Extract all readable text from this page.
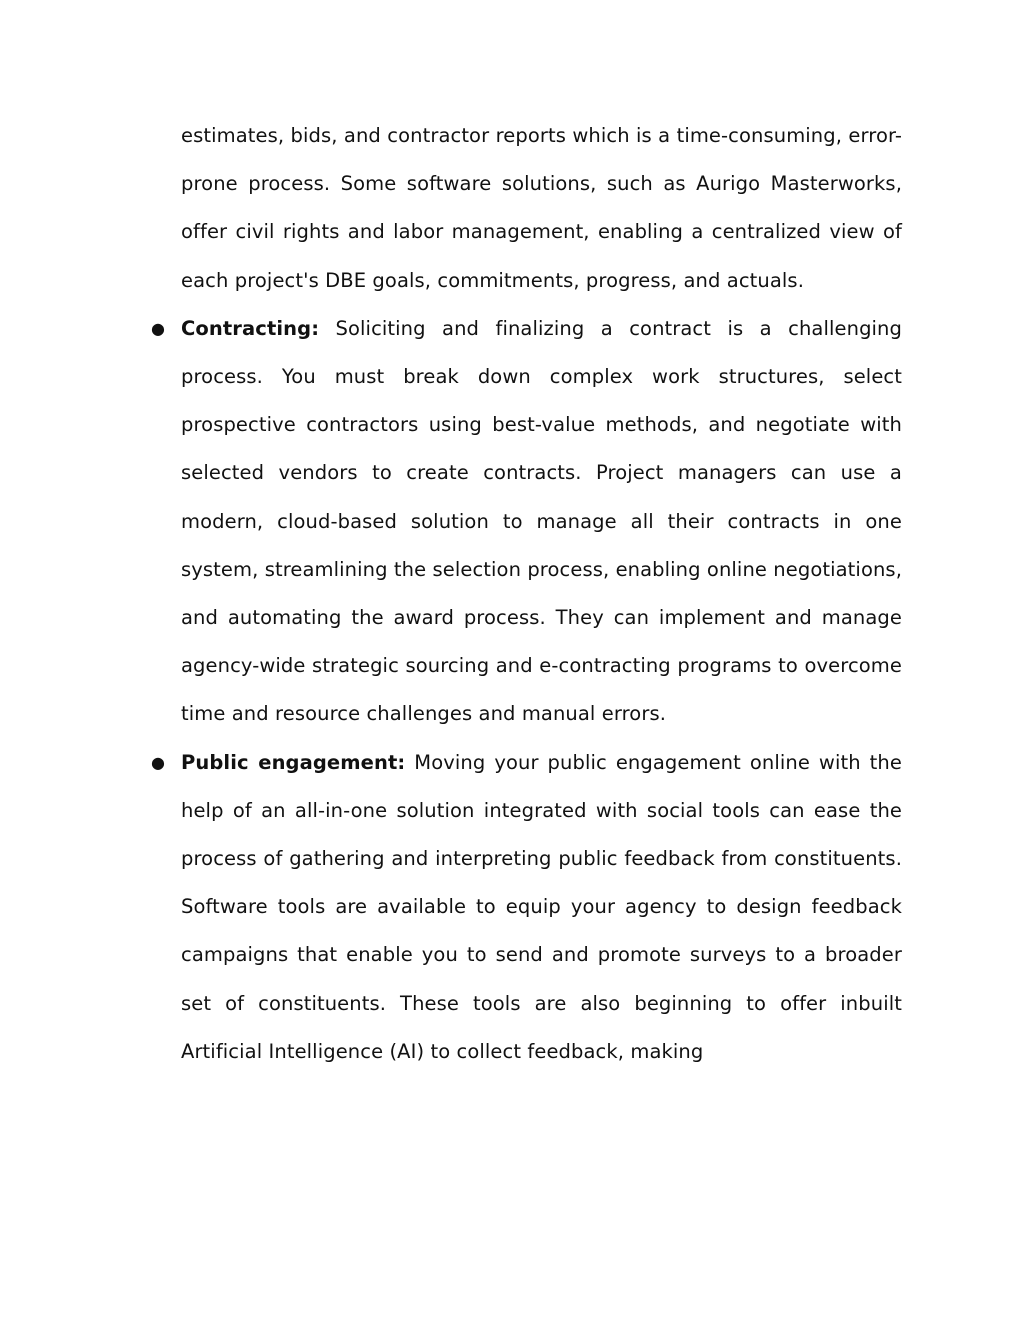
estimates, bids, and contractor reports which is a time-consuming, error-prone process. Some software solutions, such as Aurigo Masterworks, offer civil rights and labor management, enabling a centralized view of each project's DBE goals, commitments, progress, and actuals.

● Contracting: Soliciting and finalizing a contract is a challenging process. You must break down complex work structures, select prospective contractors using best-value methods, and negotiate with selected vendors to create contracts. Project managers can use a modern, cloud-based solution to manage all their contracts in one system, streamlining the selection process, enabling online negotiations, and automating the award process. They can implement and manage agency-wide strategic sourcing and e-contracting programs to overcome time and resource challenges and manual errors.

● Public engagement: Moving your public engagement online with the help of an all-in-one solution integrated with social tools can ease the process of gathering and interpreting public feedback from constituents. Software tools are available to equip your agency to design feedback campaigns that enable you to send and promote surveys to a broader set of constituents. These tools are also beginning to offer inbuilt Artificial Intelligence (AI) to collect feedback, making
